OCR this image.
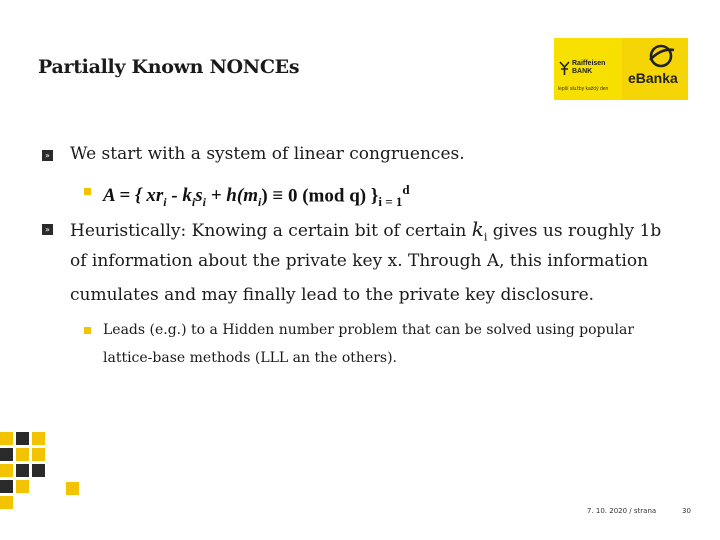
Partially Known NONCEs	Raiffeisen
BANK
lepší služby každý den
eBanka
» We start with a system of linear congruences.
A = { $xr_i - k_is_i + h(m_i) \equiv 0$ (mod q) }$_{i = 1}^d$
» Heuristically: Knowing a certain bit of certain $k_i$ gives us roughly 1b
of information about the private key x. Through A, this information
cumulates and may finally lead to the private key disclosure.
Leads (e.g.) to a Hidden number problem that can be solved using popular
lattice-base methods (LLL an the others).
7. 10. 2020 / strana	30
